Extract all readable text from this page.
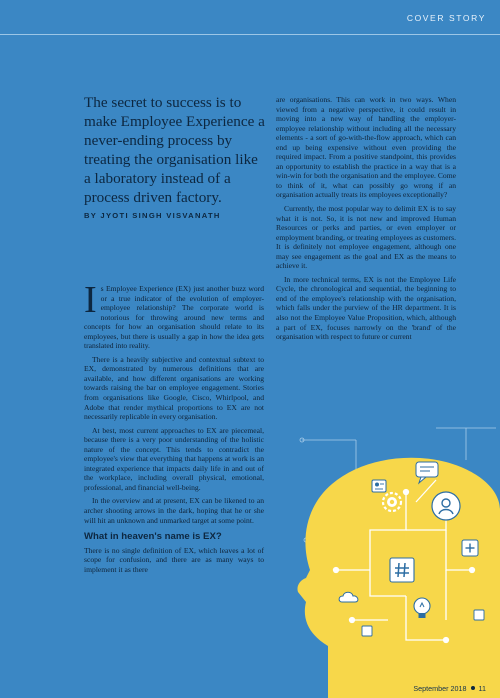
COVER STORY
The secret to success is to make Employee Experience a never-ending process by treating the organisation like a laboratory instead of a process driven factory.
BY JYOTI SINGH VISVANATH
I s Employee Experience (EX) just another buzz word or a true indicator of the evolution of employer-employee relationship? The corporate world is notorious for throwing around new terms and concepts for how an organisation should relate to its employees, but there is usually a gap in how the idea gets translated into reality.

There is a heavily subjective and contextual subtext to EX, demonstrated by numerous definitions that are available, and how different organisations are working towards raising the bar on employee engagement. Stories from organisations like Google, Cisco, Whirlpool, and Adobe that render mythical proportions to EX are not necessarily replicable in every organisation.

At best, most current approaches to EX are piecemeal, because there is a very poor understanding of the holistic nature of the concept. This tends to contradict the employee's view that everything that happens at work is an integrated experience that impacts daily life in and out of the workplace, including overall physical, emotional, professional, and financial well-being.

In the overview and at present, EX can be likened to an archer shooting arrows in the dark, hoping that he or she will hit an unknown and unmarked target at some point.

What in heaven's name is EX?

There is no single definition of EX, which leaves a lot of scope for confusion, and there are as many ways to implement it as there

are organisations. This can work in two ways. When viewed from a negative perspective, it could result in moving into a new way of handling the employer-employee relationship without including all the necessary elements - a sort of go-with-the-flow approach, which can end up being expensive without even providing the required impact. From a positive standpoint, this provides an opportunity to establish the practice in a way that is a win-win for both the organisation and the employee. Come to think of it, what can possibly go wrong if an organisation actually treats its employees exceptionally?

Currently, the most popular way to delimit EX is to say what it is not. So, it is not new and improved Human Resources or perks and parties, or even employer or employment branding, or treating employees as customers. It is definitely not employee engagement, although one may see engagement as the goal and EX as the means to achieve it.

In more technical terms, EX is not the Employee Life Cycle, the chronological and sequential, the beginning to end of the employee's relationship with the organisation, which falls under the purview of the HR department. It is also not the Employee Value Proposition, which, although a part of EX, focuses narrowly on the 'brand' of the organisation with respect to future or current

September 2018 11
